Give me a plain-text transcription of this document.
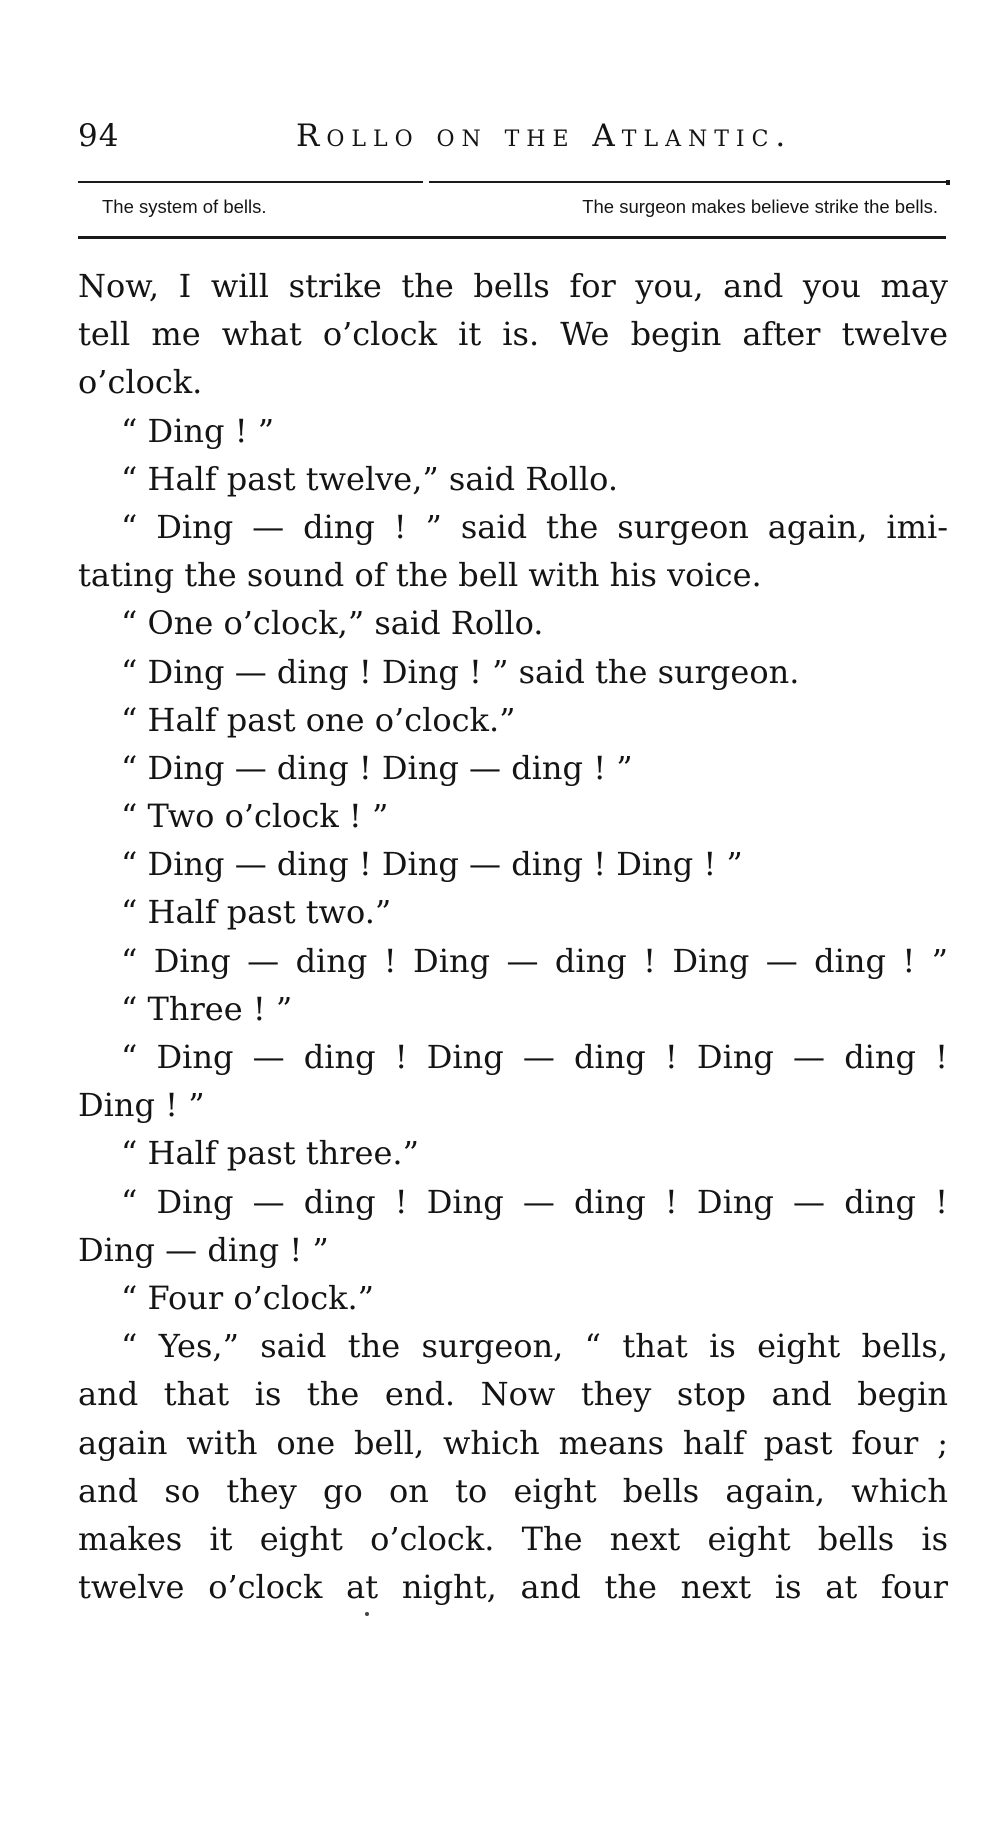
94	Rollo on the Atlantic.
The system of bells.	The surgeon makes believe strike the bells.
Now, I will strike the bells for you, and you may
tell me what o’clock it is. We begin after twelve
o’clock.
“ Ding ! ”
“ Half past twelve,” said Rollo.
“ Ding — ding ! ” said the surgeon again, imi-
tating the sound of the bell with his voice.
“ One o’clock,” said Rollo.
“ Ding — ding ! Ding ! ” said the surgeon.
“ Half past one o’clock.”
“ Ding — ding ! Ding — ding ! ”
“ Two o’clock ! ”
“ Ding — ding ! Ding — ding ! Ding ! ”
“ Half past two.”
“ Ding — ding ! Ding — ding ! Ding — ding ! ”
“ Three ! ”
“ Ding — ding ! Ding — ding ! Ding — ding !
Ding ! ”
“ Half past three.”
“ Ding — ding ! Ding — ding ! Ding — ding !
Ding — ding ! ”
“ Four o’clock.”
“ Yes,” said the surgeon, “ that is eight bells,
and that is the end. Now they stop and begin
again with one bell, which means half past four ;
and so they go on to eight bells again, which
makes it eight o’clock. The next eight bells is
twelve o’clock at night, and the next is at four
